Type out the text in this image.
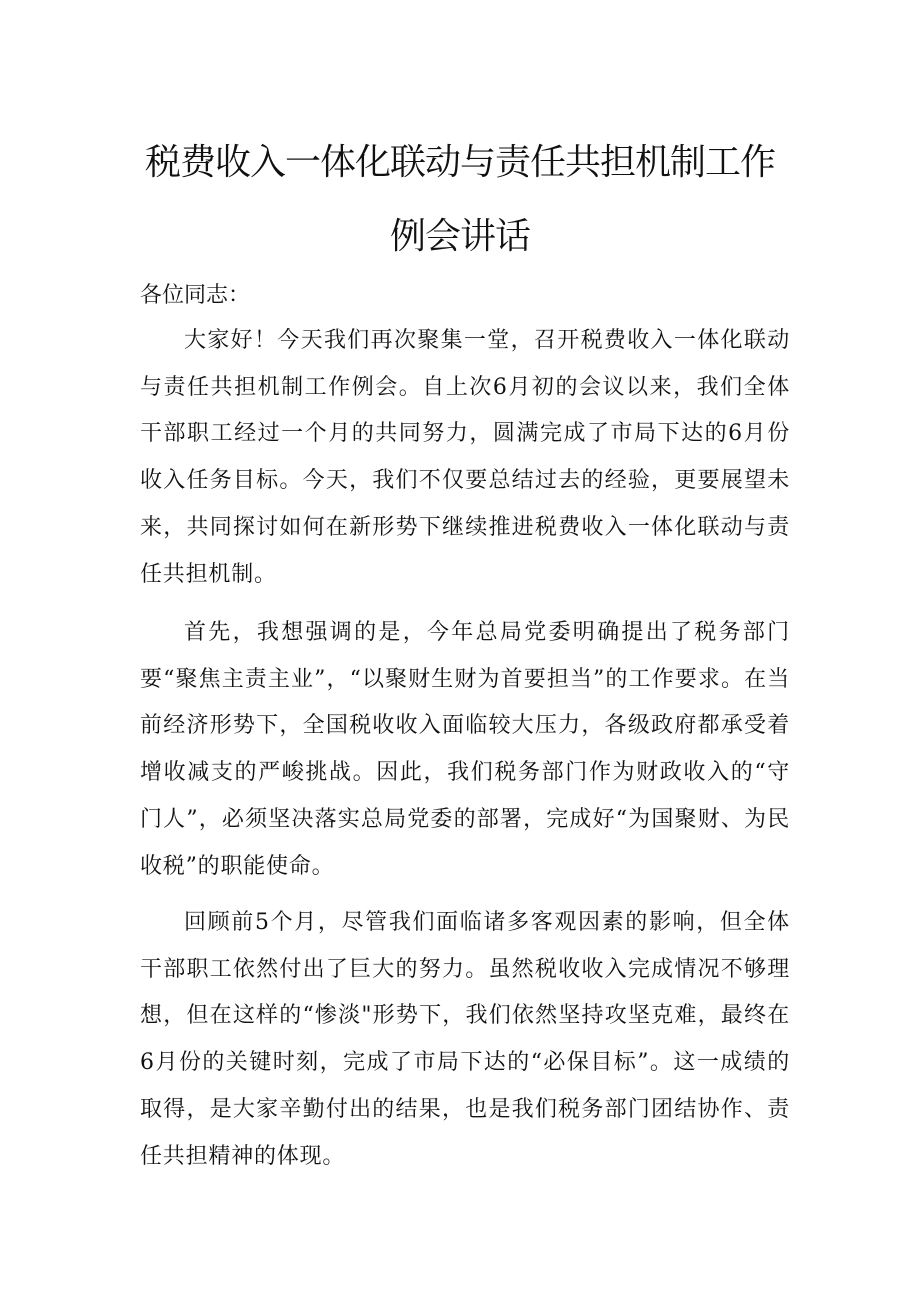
税费收入一体化联动与责任共担机制工作
例会讲话
各位同志：
大家好！今天我们再次聚集一堂，召开税费收入一体化联动与责任共担机制工作例会。自上次6月初的会议以来，我们全体干部职工经过一个月的共同努力，圆满完成了市局下达的6月份收入任务目标。今天，我们不仅要总结过去的经验，更要展望未来，共同探讨如何在新形势下继续推进税费收入一体化联动与责任共担机制。
首先，我想强调的是，今年总局党委明确提出了税务部门要“聚焦主责主业”，“以聚财生财为首要担当”的工作要求。在当前经济形势下，全国税收收入面临较大压力，各级政府都承受着增收减支的严峻挑战。因此，我们税务部门作为财政收入的“守门人”，必须坚决落实总局党委的部署，完成好“为国聚财、为民收税”的职能使命。
回顾前5个月，尽管我们面临诸多客观因素的影响，但全体干部职工依然付出了巨大的努力。虽然税收收入完成情况不够理想，但在这样的“惨淡"形势下，我们依然坚持攻坚克难，最终在6月份的关键时刻，完成了市局下达的“必保目标”。这一成绩的取得，是大家辛勤付出的结果，也是我们税务部门团结协作、责任共担精神的体现。
